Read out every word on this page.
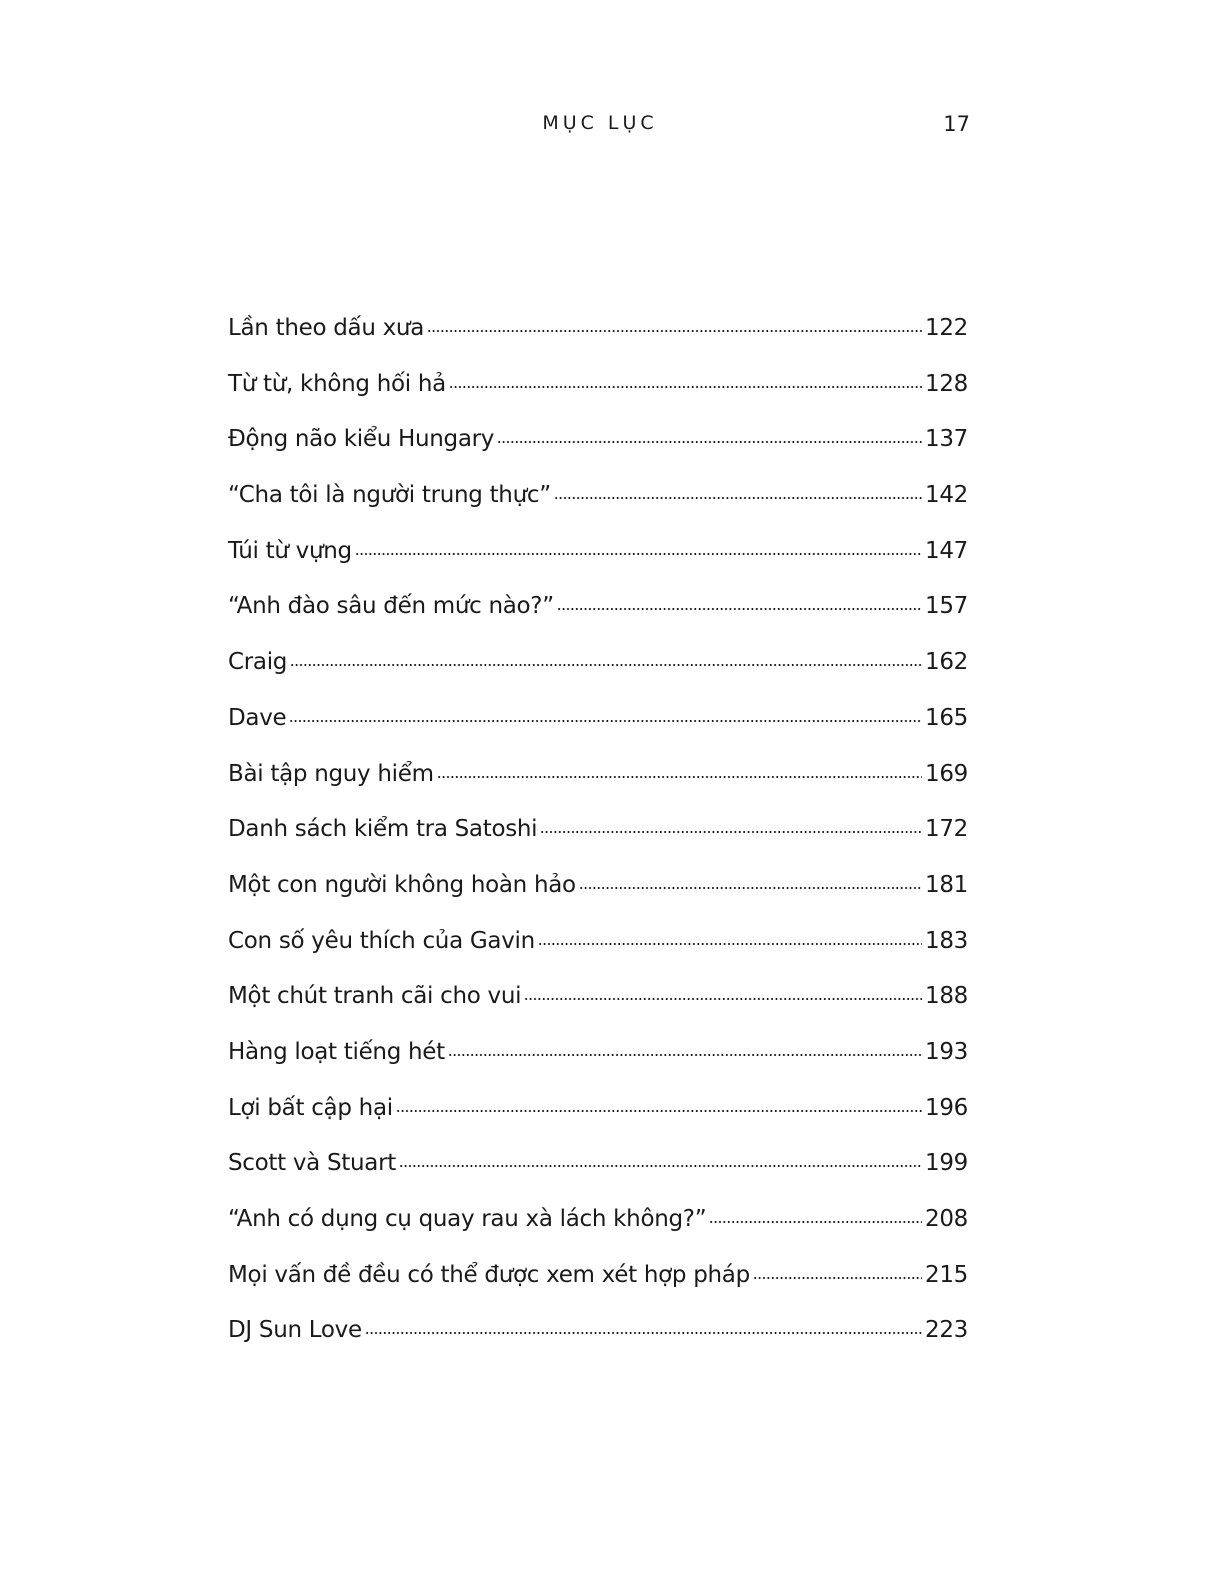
MỤC LỤC	17
Lần theo dấu xưa	122
Từ từ, không hối hả	128
Động não kiểu Hungary	137
“Cha tôi là người trung thực”	142
Túi từ vựng	147
“Anh đào sâu đến mức nào?”	157
Craig	162
Dave	165
Bài tập nguy hiểm	169
Danh sách kiểm tra Satoshi	172
Một con người không hoàn hảo	181
Con số yêu thích của Gavin	183
Một chút tranh cãi cho vui	188
Hàng loạt tiếng hét	193
Lợi bất cập hại	196
Scott và Stuart	199
“Anh có dụng cụ quay rau xà lách không?”	208
Mọi vấn đề đều có thể được xem xét hợp pháp	215
DJ Sun Love	223
